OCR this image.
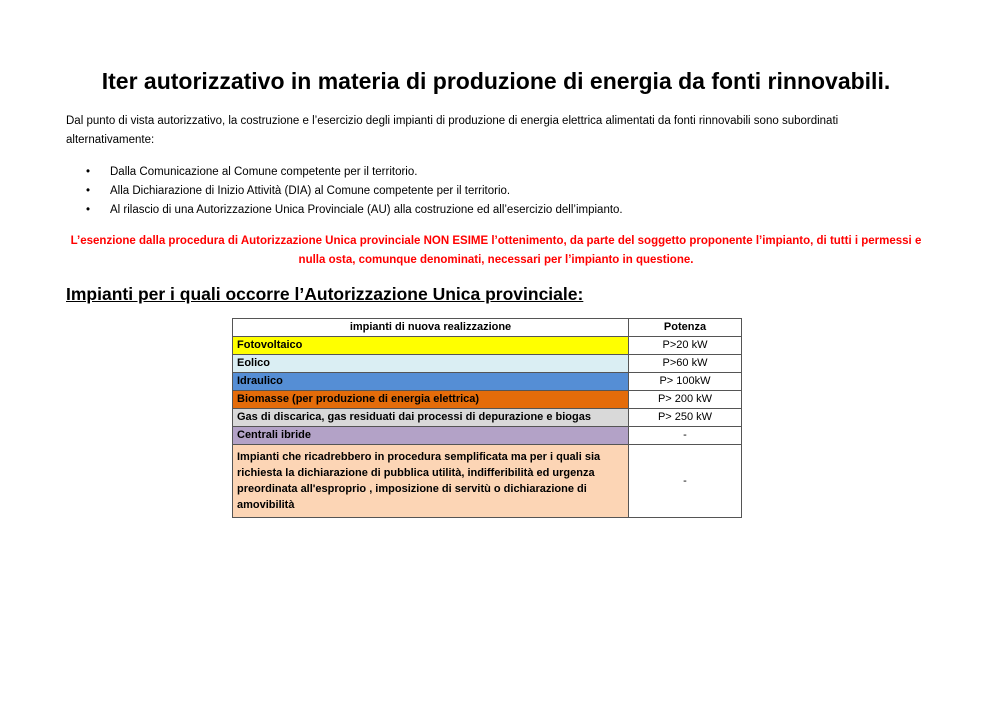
Iter autorizzativo in materia di produzione di energia da fonti rinnovabili.

Dal punto di vista autorizzativo, la costruzione e l’esercizio degli impianti di produzione di energia elettrica alimentati da fonti rinnovabili sono subordinati alternativamente:

• Dalla Comunicazione al Comune competente per il territorio.
• Alla Dichiarazione di Inizio Attività (DIA) al Comune competente per il territorio.
• Al rilascio di una Autorizzazione Unica Provinciale (AU) alla costruzione ed all’esercizio dell’impianto.

L’esenzione dalla procedura di Autorizzazione Unica provinciale NON ESIME l’ottenimento, da parte del soggetto proponente l’impianto, di tutti i permessi e nulla osta, comunque denominati, necessari per l’impianto in questione.

Impianti per i quali occorre l’Autorizzazione Unica provinciale:
impianti di nuova realizzazione	Potenza
Fotovoltaico	P>20 kW
Eolico	P>60 kW
Idraulico	P> 100kW
Biomasse (per produzione di energia elettrica)	P> 200 kW
Gas di discarica, gas residuati dai processi di depurazione e biogas	P> 250 kW
Centrali ibride	-
Impianti che ricadrebbero in procedura semplificata ma per i quali sia richiesta la dichiarazione di pubblica utilità, indifferibilità ed urgenza preordinata all'esproprio , imposizione di servitù o dichiarazione di amovibilità	-
